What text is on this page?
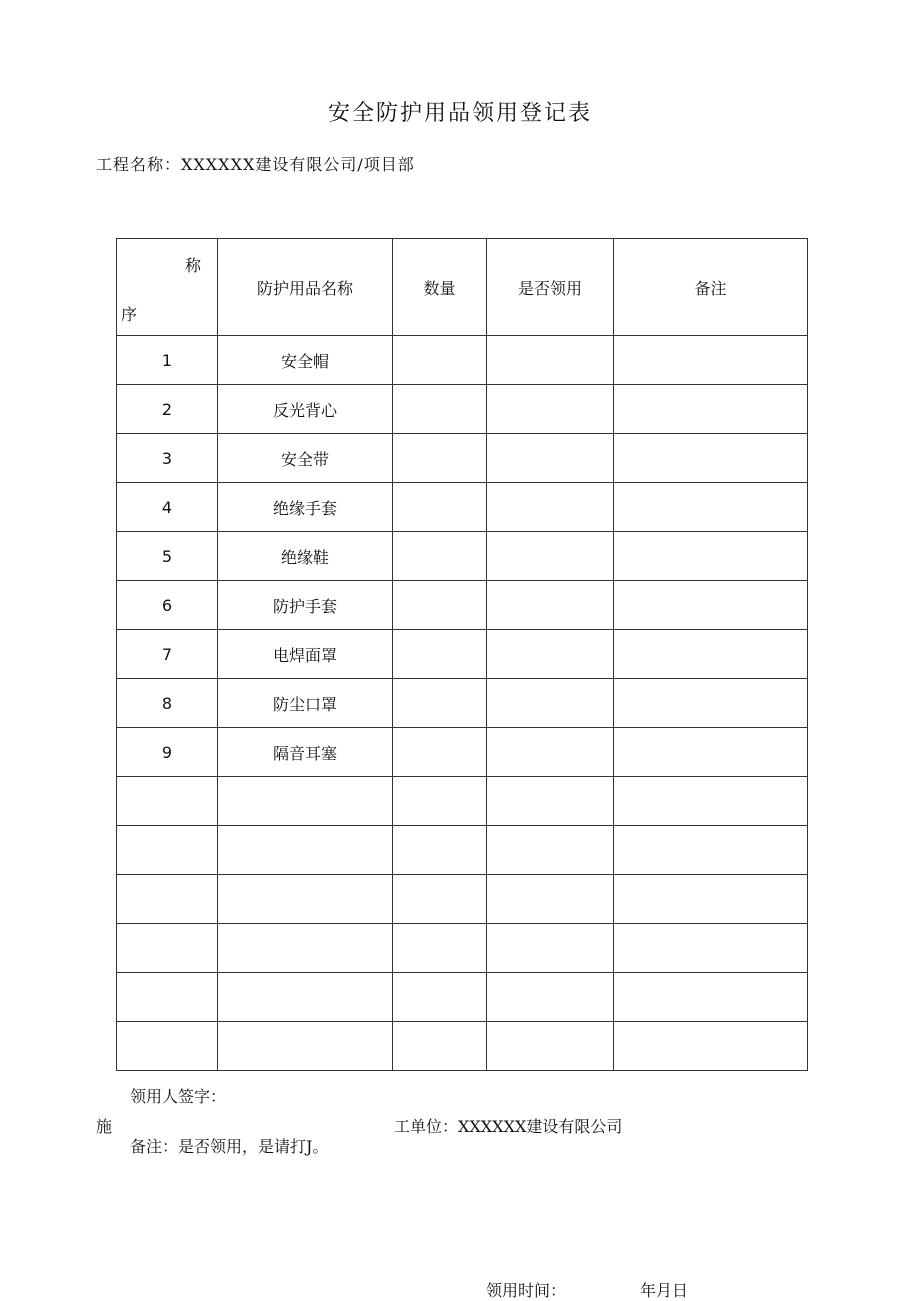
安全防护用品领用登记表
工程名称：XXXXXX建设有限公司/项目部
称
序	防护用品名称	数量	是否领用	备注
1	安全帽			
2	反光背心			
3	安全带			
4	绝缘手套			
5	绝缘鞋			
6	防护手套			
7	电焊面罩			
8	防尘口罩			
9	隔音耳塞			

领用人签字：
施	工单位：XXXXXX建设有限公司
备注：是否领用，是请打J。
领用时间：	年月日
